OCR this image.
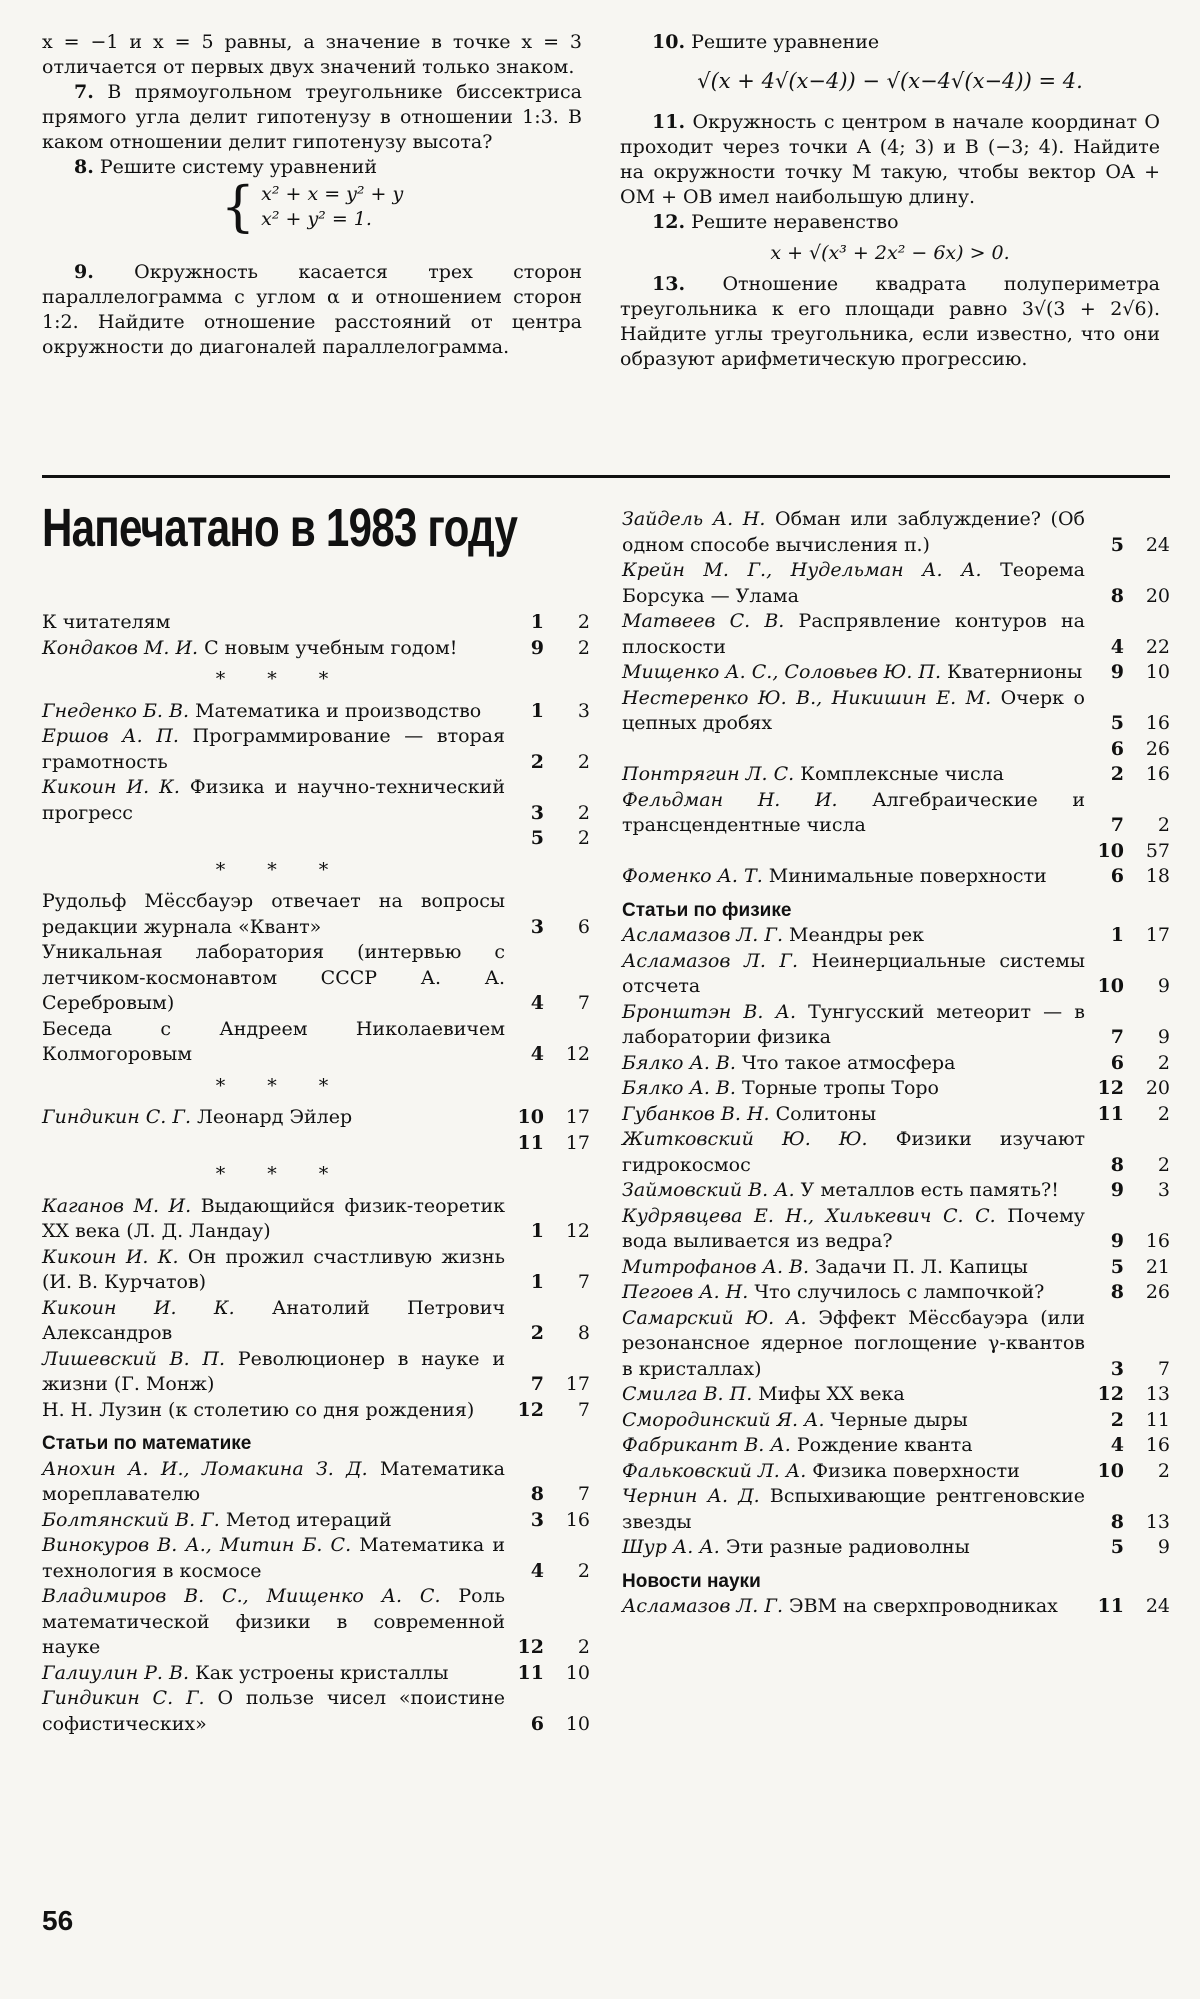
x = −1 и x = 5 равны, а значение в точке x = 3 отличается от первых двух значений только знаком.

7. В прямоугольном треугольнике биссектриса прямого угла делит гипотенузу в отношении 1:3. В каком отношении делит гипотенузу высота?

8. Решите систему уравнений

{ x² + x = y² + y
x² + y² = 1.

9. Окружность касается трех сторон параллелограмма с углом α и отношением сторон 1:2. Найдите отношение расстояний от центра окружности до диагоналей параллелограмма.

10. Решите уравнение

√(x + 4√(x−4)) − √(x−4√(x−4)) = 4.

11. Окружность с центром в начале координат O проходит через точки A (4; 3) и B (−3; 4). Найдите на окружности точку M такую, чтобы вектор OA + OM + OB имел наибольшую длину.

12. Решите неравенство

x + √(x³ + 2x² − 6x) > 0.

13. Отношение квадрата полупериметра треугольника к его площади равно 3√(3 + 2√6). Найдите углы треугольника, если известно, что они образуют арифметическую прогрессию.

Напечатано в 1983 году
К читателям	1	2
Кондаков М. И. С новым учебным годом!	9	2
* * *
Гнеденко Б. В. Математика и производство	1	3
Ершов А. П. Программирование — вторая грамотность	2	2
Кикоин И. К. Физика и научно-технический прогресс	3	2
5	2
* * *
Рудольф Мёссбауэр отвечает на вопросы редакции журнала «Квант»	3	6
Уникальная лаборатория (интервью с летчиком-космонавтом СССР А. А. Серебровым)	4	7
Беседа с Андреем Николаевичем Колмогоровым	4	12
* * *
Гиндикин С. Г. Леонард Эйлер	10	17
11	17
* * *
Каганов М. И. Выдающийся физик-теоретик XX века (Л. Д. Ландау)	1	12
Кикоин И. К. Он прожил счастливую жизнь (И. В. Курчатов)	1	7
Кикоин И. К. Анатолий Петрович Александров	2	8
Лишевский В. П. Революционер в науке и жизни (Г. Монж)	7	17
Н. Н. Лузин (к столетию со дня рождения)	12	7
Статьи по математике
Анохин А. И., Ломакина З. Д. Математика мореплавателю	8	7
Болтянский В. Г. Метод итераций	3	16
Винокуров В. А., Митин Б. С. Математика и технология в космосе	4	2
Владимиров В. С., Мищенко А. С. Роль математической физики в современной науке	12	2
Галиулин Р. В. Как устроены кристаллы	11	10
Гиндикин С. Г. О пользе чисел «поистине софистических»	6	10
Зайдель А. Н. Обман или заблуждение? (Об одном способе вычисления π.)	5	24
Крейн М. Г., Нудельман А. А. Теорема Борсука — Улама	8	20
Матвеев С. В. Распрявление контуров на плоскости	4	22
Мищенко А. С., Соловьев Ю. П. Кватернионы	9	10
Нестеренко Ю. В., Никишин Е. М. Очерк о цепных дробях	5	16
6	26
Понтрягин Л. С. Комплексные числа	2	16
Фельдман Н. И. Алгебраические и трансцендентные числа	7	2
10	57
Фоменко А. Т. Минимальные поверхности	6	18
Статьи по физике
Асламазов Л. Г. Меандры рек	1	17
Асламазов Л. Г. Неинерциальные системы отсчета	10	9
Бронштэн В. А. Тунгусский метеорит — в лаборатории физика	7	9
Бялко А. В. Что такое атмосфера	6	2
Бялко А. В. Торные тропы Торо	12	20
Губанков В. Н. Солитоны	11	2
Житковский Ю. Ю. Физики изучают гидрокосмос	8	2
Займовский В. А. У металлов есть память?!	9	3
Кудрявцева Е. Н., Хилькевич С. С. Почему вода выливается из ведра?	9	16
Митрофанов А. В. Задачи П. Л. Капицы	5	21
Пегоев А. Н. Что случилось с лампочкой?	8	26
Самарский Ю. А. Эффект Мёссбауэра (или резонансное ядерное поглощение γ-квантов в кристаллах)	3	7
Смилга В. П. Мифы XX века	12	13
Смородинский Я. А. Черные дыры	2	11
Фабрикант В. А. Рождение кванта	4	16
Фальковский Л. А. Физика поверхности	10	2
Чернин А. Д. Вспыхивающие рентгеновские звезды	8	13
Шур А. А. Эти разные радиоволны	5	9
Новости науки
Асламазов Л. Г. ЭВМ на сверхпроводниках	11	24
56
